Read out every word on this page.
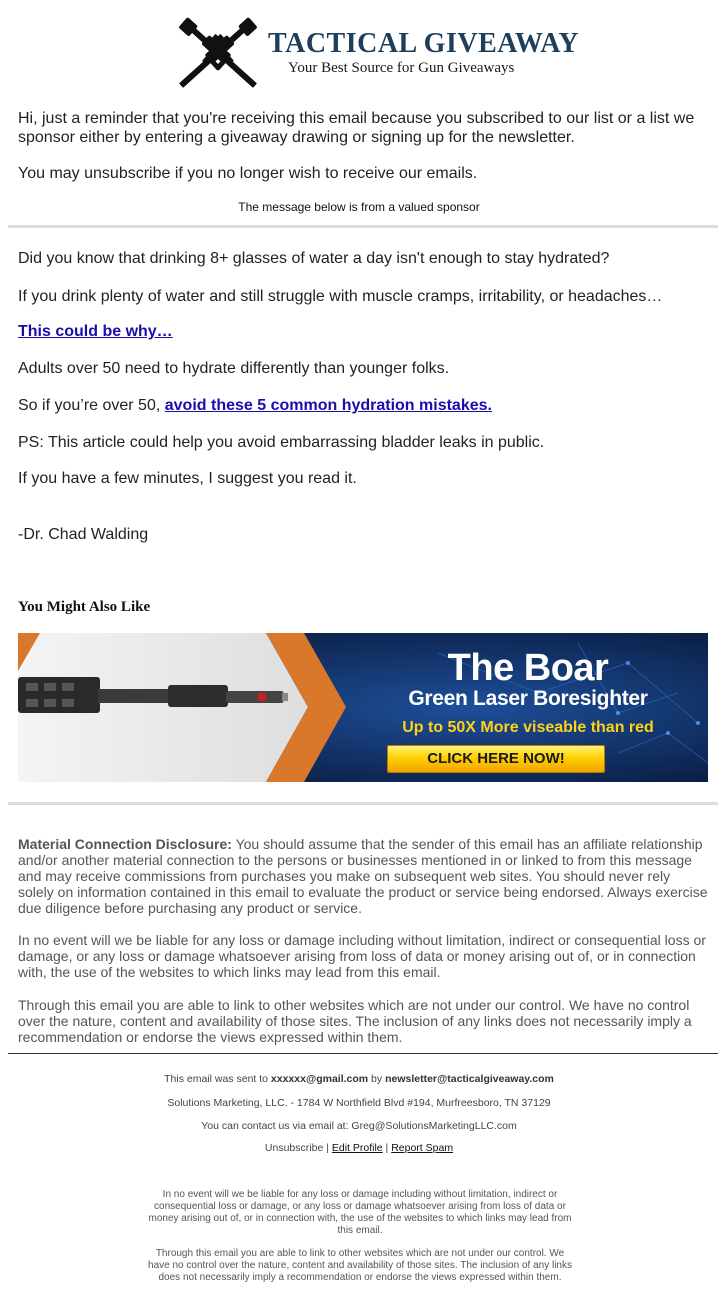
TACTICAL GIVEAWAY
Your Best Source for Gun Giveaways

Hi, just a reminder that you're receiving this email because you subscribed to our list or a list we sponsor either by entering a giveaway drawing or signing up for the newsletter.

You may unsubscribe if you no longer wish to receive our emails.

The message below is from a valued sponsor

Did you know that drinking 8+ glasses of water a day isn't enough to stay hydrated?

If you drink plenty of water and still struggle with muscle cramps, irritability, or headaches…

This could be why…

Adults over 50 need to hydrate differently than younger folks.

So if you’re over 50, avoid these 5 common hydration mistakes.

PS: This article could help you avoid embarrassing bladder leaks in public.

If you have a few minutes, I suggest you read it.

-Dr. Chad Walding

You Might Also Like
The Boar
Green Laser Boresighter
Up to 50X More viseable than red
CLICK HERE NOW!

Material Connection Disclosure: You should assume that the sender of this email has an affiliate relationship and/or another material connection to the persons or businesses mentioned in or linked to from this message and may receive commissions from purchases you make on subsequent web sites. You should never rely solely on information contained in this email to evaluate the product or service being endorsed. Always exercise due diligence before purchasing any product or service.

In no event will we be liable for any loss or damage including without limitation, indirect or consequential loss or damage, or any loss or damage whatsoever arising from loss of data or money arising out of, or in connection with, the use of the websites to which links may lead from this email.

Through this email you are able to link to other websites which are not under our control. We have no control over the nature, content and availability of those sites. The inclusion of any links does not necessarily imply a recommendation or endorse the views expressed within them.

This email was sent to xxxxxx@gmail.com by newsletter@tacticalgiveaway.com
Solutions Marketing, LLC. - 1784 W Northfield Blvd #194, Murfreesboro, TN 37129
You can contact us via email at: Greg@SolutionsMarketingLLC.com
Unsubscribe | Edit Profile | Report Spam
In no event will we be liable for any loss or damage including without limitation, indirect or consequential loss or damage, or any loss or damage whatsoever arising from loss of data or money arising out of, or in connection with, the use of the websites to which links may lead from this email.
Through this email you are able to link to other websites which are not under our control. We have no control over the nature, content and availability of those sites. The inclusion of any links does not necessarily imply a recommendation or endorse the views expressed within them.
